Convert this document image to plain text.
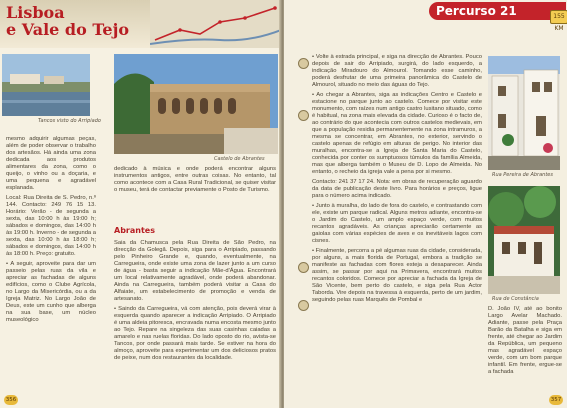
Lisboa
e Vale do Tejo
Tancos visto do Arripiado
Castelo de Abrantes

mesmo adquirir algumas peças, além de poder observar o trabalho dos artesãos. Há ainda uma zona dedicada aos produtos alimentares da zona, como o queijo, o vinho ou a doçaria, e uma pequena e agradável esplanada.

Local: Rua Direita de S. Pedro, n.º 144. Contacto: 249 76 15 13. Horário: Verão - de segunda a sexta, das 10:00 h às 19:00 h; sábados e domingos, das 14:00 h às 19:00 h. Inverno - de segunda a sexta, das 10:00 h às 18:00 h; sábados e domingos, das 14:00 h às 18:00 h. Preço: gratuito.

• A seguir, aproveite para dar um passeio pelas ruas da vila e apreciar as fachadas de alguns edifícios, como o Clube Agrícola, no Largo da Misericórdia, ou a da Igreja Matriz. No Largo João de Deus, este um cunho que alberga na sua base, um núcleo museológico

dedicado à música e onde poderá encontrar alguns instrumentos antigos, entre outras coisas. No entanto, tal como acontece com a Casa Rural Tradicional, se quiser visitar o museu, terá de contactar previamente o Posto de Turismo.

Abrantes

Saia da Chamusca pela Rua Direita de São Pedro, na direcção da Golegã. Depois, siga para o Arripiado, passando pelo Pinheiro Grande e, quando, eventualmente, na Carregueira, onde existe uma zona de lazer junto a um curso de água - basta seguir a indicação Mãe-d'Água. Encontrará um local relativamente agradável, onde poderá abandonar. Ainda na Carregueira, também poderá visitar a Casa do Alfaiate, um estabelecimento de promoção e venda de artesanato.

• Saindo da Carregueira, vá com atenção, pois deverá virar à esquerda quando aparecer a indicação Arripiado. O Arripiado é uma aldeia pitoresca, encravada numa encosta mesmo junto ao Tejo. Repare na singeleza das suas casinhas caiadas a amarelo e nas ruelas floridas. Do lado oposto do rio, avista-se Tancos, por onde passará mais tarde. Se estiver na hora do almoço, aproveite para experimentar um dos deliciosos pratos de peixe, num dos restaurantes da localidade.

356
Percurso 21	155 KM

• Volte à estrada principal, e siga na direcção de Abrantes. Pouco depois de sair do Arripiado, surgirá, do lado esquerdo, a indicação Miradouro do Almourol. Tomando esse caminho, poderá desfrutar de uma primeira panorâmica do Castelo de Almourol, situado no meio das águas do Tejo.

• Ao chegar a Abrantes, siga as indicações Centro e Castelo e estacione no parque junto ao castelo. Comece por visitar este monumento, com raízes num antigo castro lusitano situado, como é habitual, na zona mais elevada da cidade. Curioso é o facto de, ao contrário do que acontecia com outros castelos medievais, em que a população residia permanentemente na zona intramuros, a mesma se concentrar, em Abrantes, no exterior, servindo o castelo apenas de refúgio em alturas de perigo. No interior das muralhas, encontra-se a Igreja de Santa Maria do Castelo, conhecida por conter os sumptuosos túmulos da família Almeida, mas que alberga também o Museu de D. Lopo de Almeida. No entanto, o recheio da igreja vale a pena por si mesmo.

Contacto: 241 37 17 24. Nota: em obras de recuperação aguardo da data de publicação deste livro. Para horários e preços, ligue para o número acima indicado.

• Junto à muralha, do lado de fora do castelo, e contrastando com ele, existe um parque radical. Alguns metros adiante, encontra-se o Jardim do Castelo, um amplo espaço verde, com muitos recantos agradáveis. As crianças apreciarão certamente as gaiolas com várias espécies de aves e os inevitáveis lagos com cisnes.

• Finalmente, percorra a pé algumas ruas da cidade, considerada, por alguns, a mais florida de Portugal, embora a tradição se manifeste as fachadas com flores esteja a desaparecer. Ainda assim, se passar por aqui na Primavera, encontrará muitos recantos coloridos. Comece por apreciar a fachada da Igreja de São Vicente, bem perto do castelo, e siga pela Rua Actor Taborda. Vire depois na travessa à esquerda, perto de um jardim, seguindo pelas ruas Marquês de Pombal e

Rua Pereira de Abrantes
Rua de Constância

D. João IV, até ao bonito Largo Avelar Machado. Adiante, passe pela Praça Barão da Batalha e siga em frente, até chegar ao Jardim da República, um pequeno mas agradável espaço verde, com um bom parque infantil. Em frente, ergue-se a fachada

357
